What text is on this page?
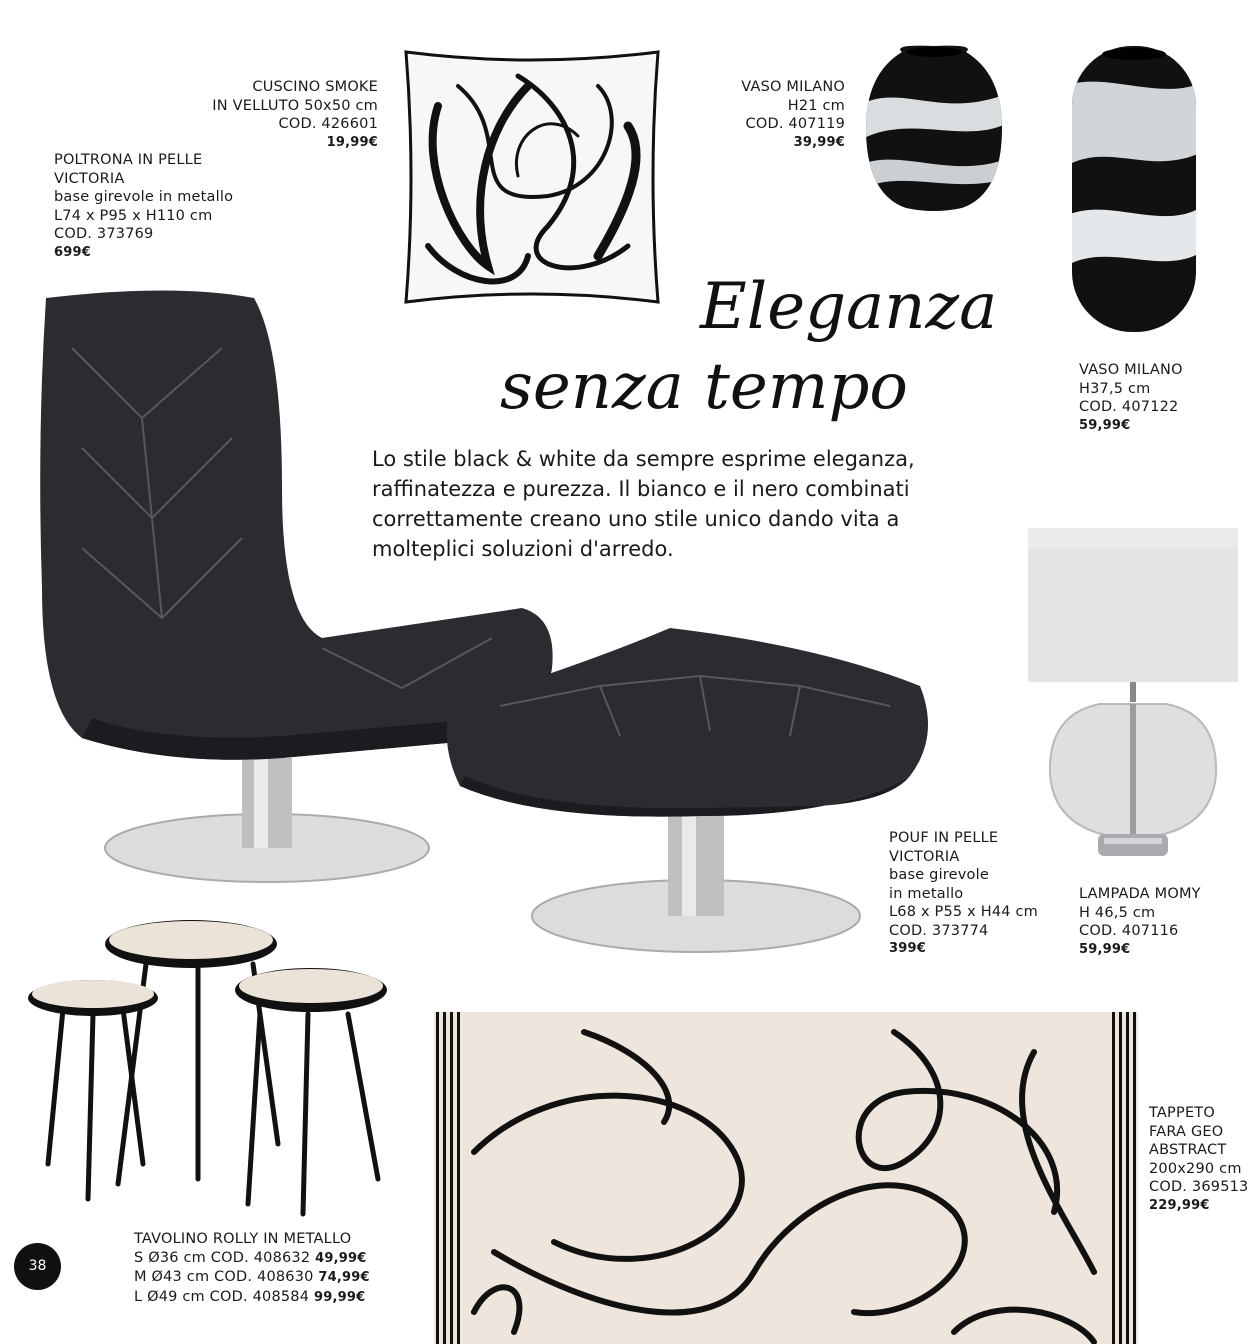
Eleganza
senza tempo
Lo stile black & white da sempre esprime eleganza, raffinatezza e purezza. Il bianco e il nero combinati correttamente creano uno stile unico dando vita a molteplici soluzioni d'arredo.
CUSCINO SMOKE
IN VELLUTO 50x50 cm
COD. 426601
19,99€
POLTRONA IN PELLE
VICTORIA
base girevole in metallo
L74 x P95 x H110 cm
COD. 373769
699€
VASO MILANO
H21 cm
COD. 407119
39,99€
VASO MILANO
H37,5 cm
COD. 407122
59,99€
POUF IN PELLE
VICTORIA
base girevole
in metallo
L68 x P55 x H44 cm
COD. 373774
399€
LAMPADA MOMY
H 46,5 cm
COD. 407116
59,99€
TAVOLINO ROLLY IN METALLO
S Ø36 cm COD. 408632 49,99€
M Ø43 cm COD. 408630 74,99€
L Ø49 cm COD. 408584 99,99€
TAPPETO
FARA GEO
ABSTRACT
200x290 cm
COD. 369513
229,99€
38
